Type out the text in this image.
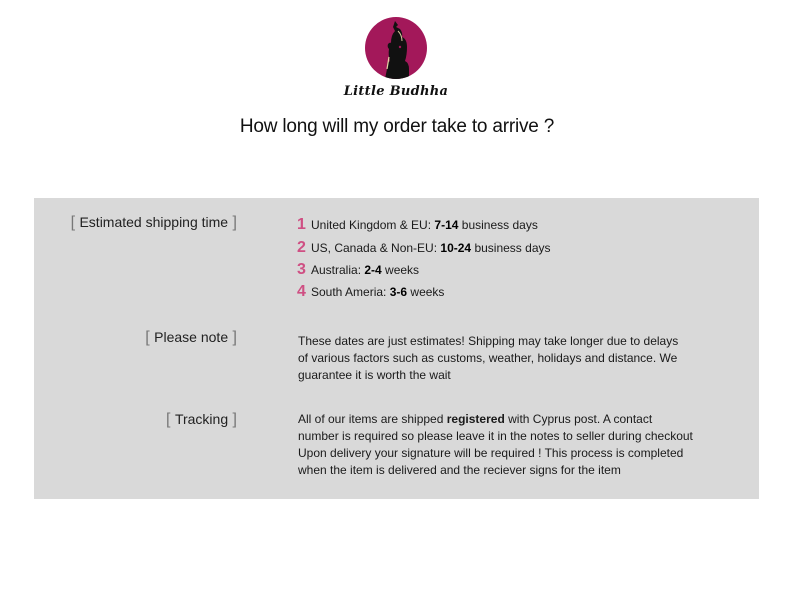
Little Budhha
How long will my order take to arrive ?
[ Estimated shipping time ]	1 United Kingdom & EU: 7-14 business days
2 US, Canada & Non-EU: 10-24 business days
3 Australia: 2-4 weeks
4 South Ameria: 3-6 weeks
[ Please note ]	These dates are just estimates! Shipping may take longer due to delays
of various factors such as customs, weather, holidays and distance. We
guarantee it is worth the wait
[ Tracking ]	All of our items are shipped registered with Cyprus post. A contact
number is required so please leave it in the notes to seller during checkout
Upon delivery your signature will be required ! This process is completed
when the item is delivered and the reciever signs for the item
